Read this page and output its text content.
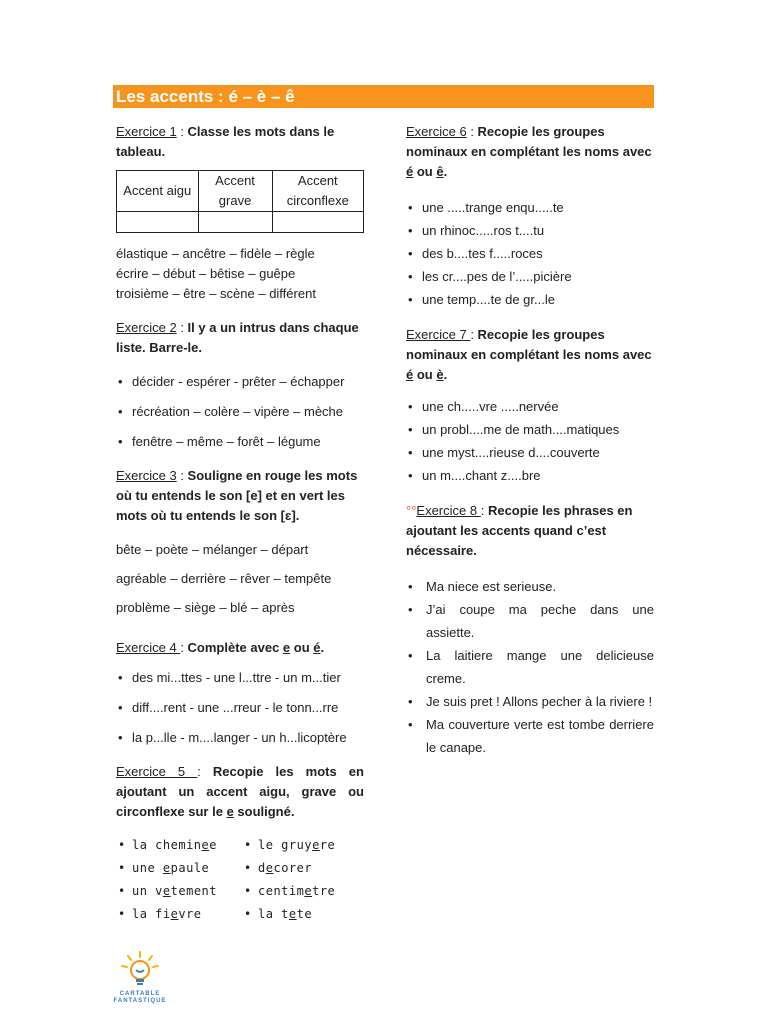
Les accents : é – è – ê

Exercice 1 : Classe les mots dans le tableau.

Accent aigu	Accent grave	Accent circonflexe

élastique – ancêtre – fidèle – règle
écrire – début – bêtise – guêpe
troisième – être – scène – différent

Exercice 2 : Il y a un intrus dans chaque liste. Barre-le.

• décider - espérer - prêter – échapper
• récréation – colère – vipère – mèche
• fenêtre – même – forêt – légume

Exercice 3 : Souligne en rouge les mots où tu entends le son [e] et en vert les mots où tu entends le son [ɛ].

bête – poète – mélanger – départ
agréable – derrière – rêver – tempête
problème – siège – blé – après

Exercice 4 : Complète avec e ou é.

• des mi...ttes - une l...ttre - un m...tier
• diff....rent - une ...rreur - le tonn...rre
• la p...lle - m....langer - un h...licoptère

Exercice 5 : Recopie les mots en ajoutant un accent aigu, grave ou circonflexe sur le e souligné.

• la cheminee
• une epaule
• un vetement
• la fievre
• le gruyere
• decorer
• centimetre
• la tete

Exercice 6 : Recopie les groupes nominaux en complétant les noms avec é ou ê.

• une .....trange enqu.....te
• un rhinoc.....ros t....tu
• des b....tes f.....roces
• les cr....pes de l’.....picière
• une temp....te de gr...le

Exercice 7 : Recopie les groupes nominaux en complétant les noms avec é ou è.

• une ch.....vre .....nervée
• un probl....me de math....matiques
• une myst....rieuse d....couverte
• un m....chant z....bre

°°Exercice 8 : Recopie les phrases en ajoutant les accents quand c’est nécessaire.

• Ma niece est serieuse.
• J’ai coupe ma peche dans une assiette.
• La laitiere mange une delicieuse creme.
• Je suis pret ! Allons pecher à la riviere !
• Ma couverture verte est tombe derriere le canape.
CARTABLE
FANTASTIQUE
